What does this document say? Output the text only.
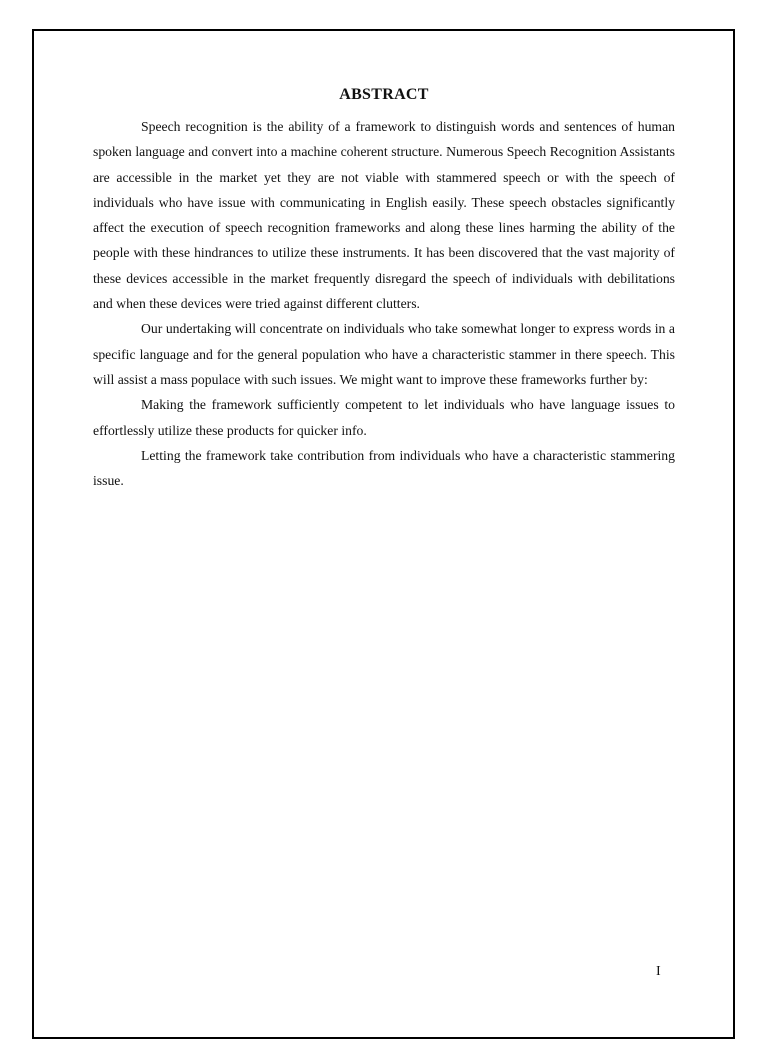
ABSTRACT

Speech recognition is the ability of a framework to distinguish words and sentences of human spoken language and convert into a machine coherent structure. Numerous Speech Recognition Assistants are accessible in the market yet they are not viable with stammered speech or with the speech of individuals who have issue with communicating in English easily. These speech obstacles significantly affect the execution of speech recognition frameworks and along these lines harming the ability of the people with these hindrances to utilize these instruments. It has been discovered that the vast majority of these devices accessible in the market frequently disregard the speech of individuals with debilitations and when these devices were tried against different clutters.

Our undertaking will concentrate on individuals who take somewhat longer to express words in a specific language and for the general population who have a characteristic stammer in there speech. This will assist a mass populace with such issues. We might want to improve these frameworks further by:

Making the framework sufficiently competent to let individuals who have language issues to effortlessly utilize these products for quicker info.

Letting the framework take contribution from individuals who have a characteristic stammering issue.

I
